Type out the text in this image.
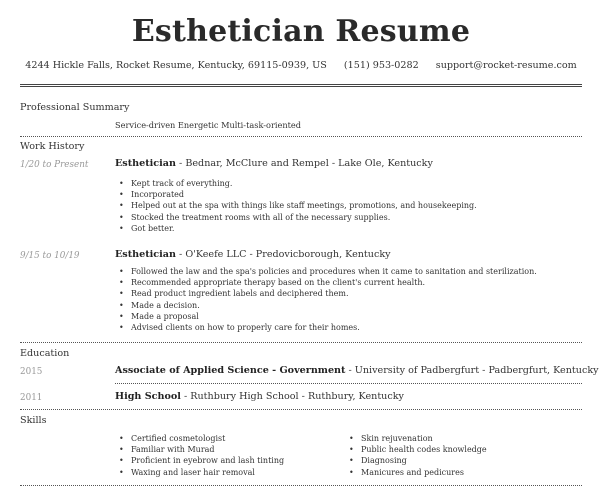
Esthetician Resume
4244 Hickle Falls, Rocket Resume, Kentucky, 69115-0939, US (151) 953-0282 support@rocket-resume.com
Professional Summary
Service-driven Energetic Multi-task-oriented
Work History
1/20 to Present	Esthetician - Bednar, McClure and Rempel - Lake Ole, Kentucky
• Kept track of everything.
• Incorporated
• Helped out at the spa with things like staff meetings, promotions, and housekeeping.
• Stocked the treatment rooms with all of the necessary supplies.
• Got better.
9/15 to 10/19	Esthetician - O'Keefe LLC - Predovicborough, Kentucky
• Followed the law and the spa's policies and procedures when it came to sanitation and sterilization.
• Recommended appropriate therapy based on the client's current health.
• Read product ingredient labels and deciphered them.
• Made a decision.
• Made a proposal
• Advised clients on how to properly care for their homes.
Education
2015	Associate of Applied Science - Government - University of Padbergfurt - Padbergfurt, Kentucky
2011	High School - Ruthbury High School - Ruthbury, Kentucky
Skills
• Certified cosmetologist
• Familiar with Murad
• Proficient in eyebrow and lash tinting
• Waxing and laser hair removal
• Skin rejuvenation
• Public health codes knowledge
• Diagnosing
• Manicures and pedicures
